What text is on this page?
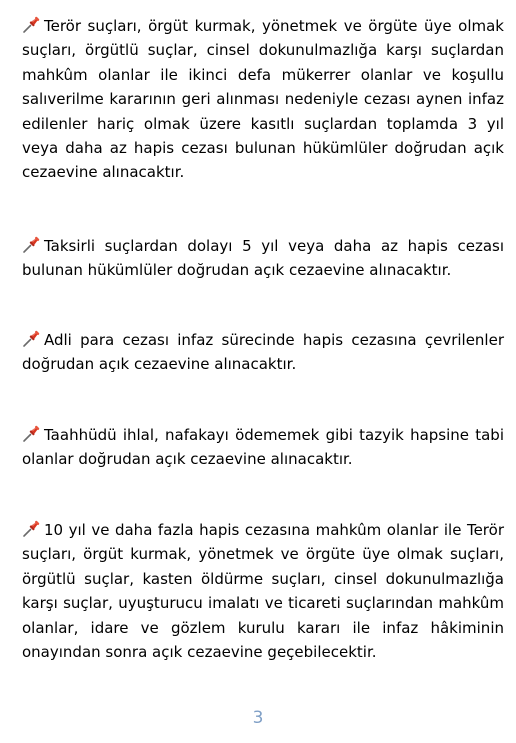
Terör suçları, örgüt kurmak, yönetmek ve örgüte üye olmak suçları, örgütlü suçlar, cinsel dokunulmazlığa karşı suçlardan mahkûm olanlar ile ikinci defa mükerrer olanlar ve koşullu salıverilme kararının geri alınması nedeniyle cezası aynen infaz edilenler hariç olmak üzere kasıtlı suçlardan toplamda 3 yıl veya daha az hapis cezası bulunan hükümlüler doğrudan açık cezaevine alınacaktır.

Taksirli suçlardan dolayı 5 yıl veya daha az hapis cezası bulunan hükümlüler doğrudan açık cezaevine alınacaktır.

Adli para cezası infaz sürecinde hapis cezasına çevrilenler doğrudan açık cezaevine alınacaktır.

Taahhüdü ihlal, nafakayı ödememek gibi tazyik hapsine tabi olanlar doğrudan açık cezaevine alınacaktır.

10 yıl ve daha fazla hapis cezasına mahkûm olanlar ile Terör suçları, örgüt kurmak, yönetmek ve örgüte üye olmak suçları, örgütlü suçlar, kasten öldürme suçları, cinsel dokunulmazlığa karşı suçlar, uyuşturucu imalatı ve ticareti suçlarından mahkûm olanlar, idare ve gözlem kurulu kararı ile infaz hâkiminin onayından sonra açık cezaevine geçebilecektir.

3
